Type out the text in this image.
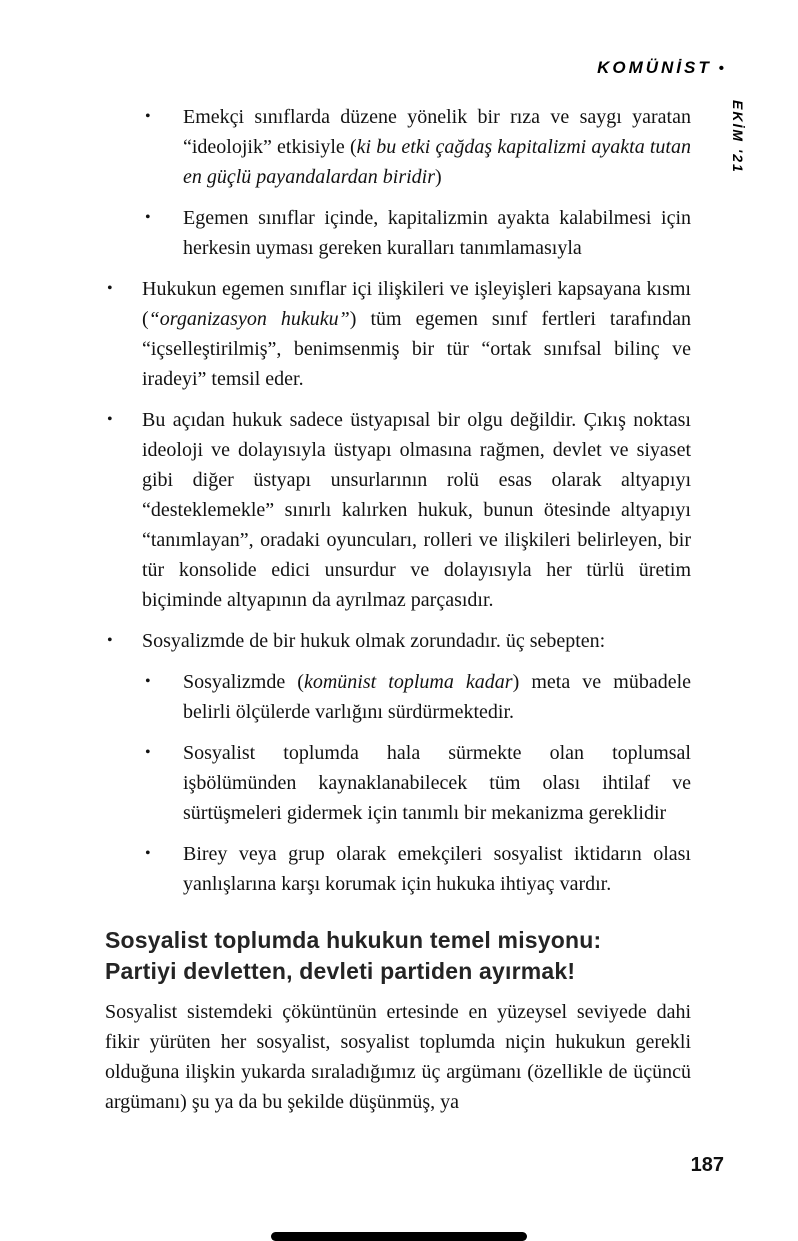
KOMÜNİST •
EKİM '21
•	Emekçi sınıflarda düzene yönelik bir rıza ve saygı yaratan “ideolojik” etkisiyle (ki bu etki çağdaş kapitalizmi ayakta tutan en güçlü payandalardan biridir)
•	Egemen sınıflar içinde, kapitalizmin ayakta kalabilmesi için herkesin uyması gereken kuralları tanımlamasıyla
•	Hukukun egemen sınıflar içi ilişkileri ve işleyişleri kapsayana kısmı (“organizasyon hukuku”) tüm egemen sınıf fertleri tarafından “içselleştirilmiş”, benimsenmiş bir tür “ortak sınıfsal bilinç ve iradeyi” temsil eder.
•	Bu açıdan hukuk sadece üstyapısal bir olgu değildir. Çıkış noktası ideoloji ve dolayısıyla üstyapı olmasına rağmen, devlet ve siyaset gibi diğer üstyapı unsurlarının rolü esas olarak altyapıyı “desteklemekle” sınırlı kalırken hukuk, bunun ötesinde altyapıyı “tanımlayan”, oradaki oyuncuları, rolleri ve ilişkileri belirleyen, bir tür konsolide edici unsurdur ve dolayısıyla her türlü üretim biçiminde altyapının da ayrılmaz parçasıdır.
•	Sosyalizmde de bir hukuk olmak zorundadır. üç sebepten:
•	Sosyalizmde (komünist topluma kadar) meta ve mübadele belirli ölçülerde varlığını sürdürmektedir.
•	Sosyalist toplumda hala sürmekte olan toplumsal işbölümünden kaynaklanabilecek tüm olası ihtilaf ve sürtüşmeleri gidermek için tanımlı bir mekanizma gereklidir
•	Birey veya grup olarak emekçileri sosyalist iktidarın olası yanlışlarına karşı korumak için hukuka ihtiyaç vardır.
Sosyalist toplumda hukukun temel misyonu:
Partiyi devletten, devleti partiden ayırmak!

Sosyalist sistemdeki çöküntünün ertesinde en yüzeysel seviyede dahi fikir yürüten her sosyalist, sosyalist toplumda niçin hukukun gerekli olduğuna ilişkin yukarda sıraladığımız üç argümanı (özellikle de üçüncü argümanı) şu ya da bu şekilde düşünmüş, ya

187
